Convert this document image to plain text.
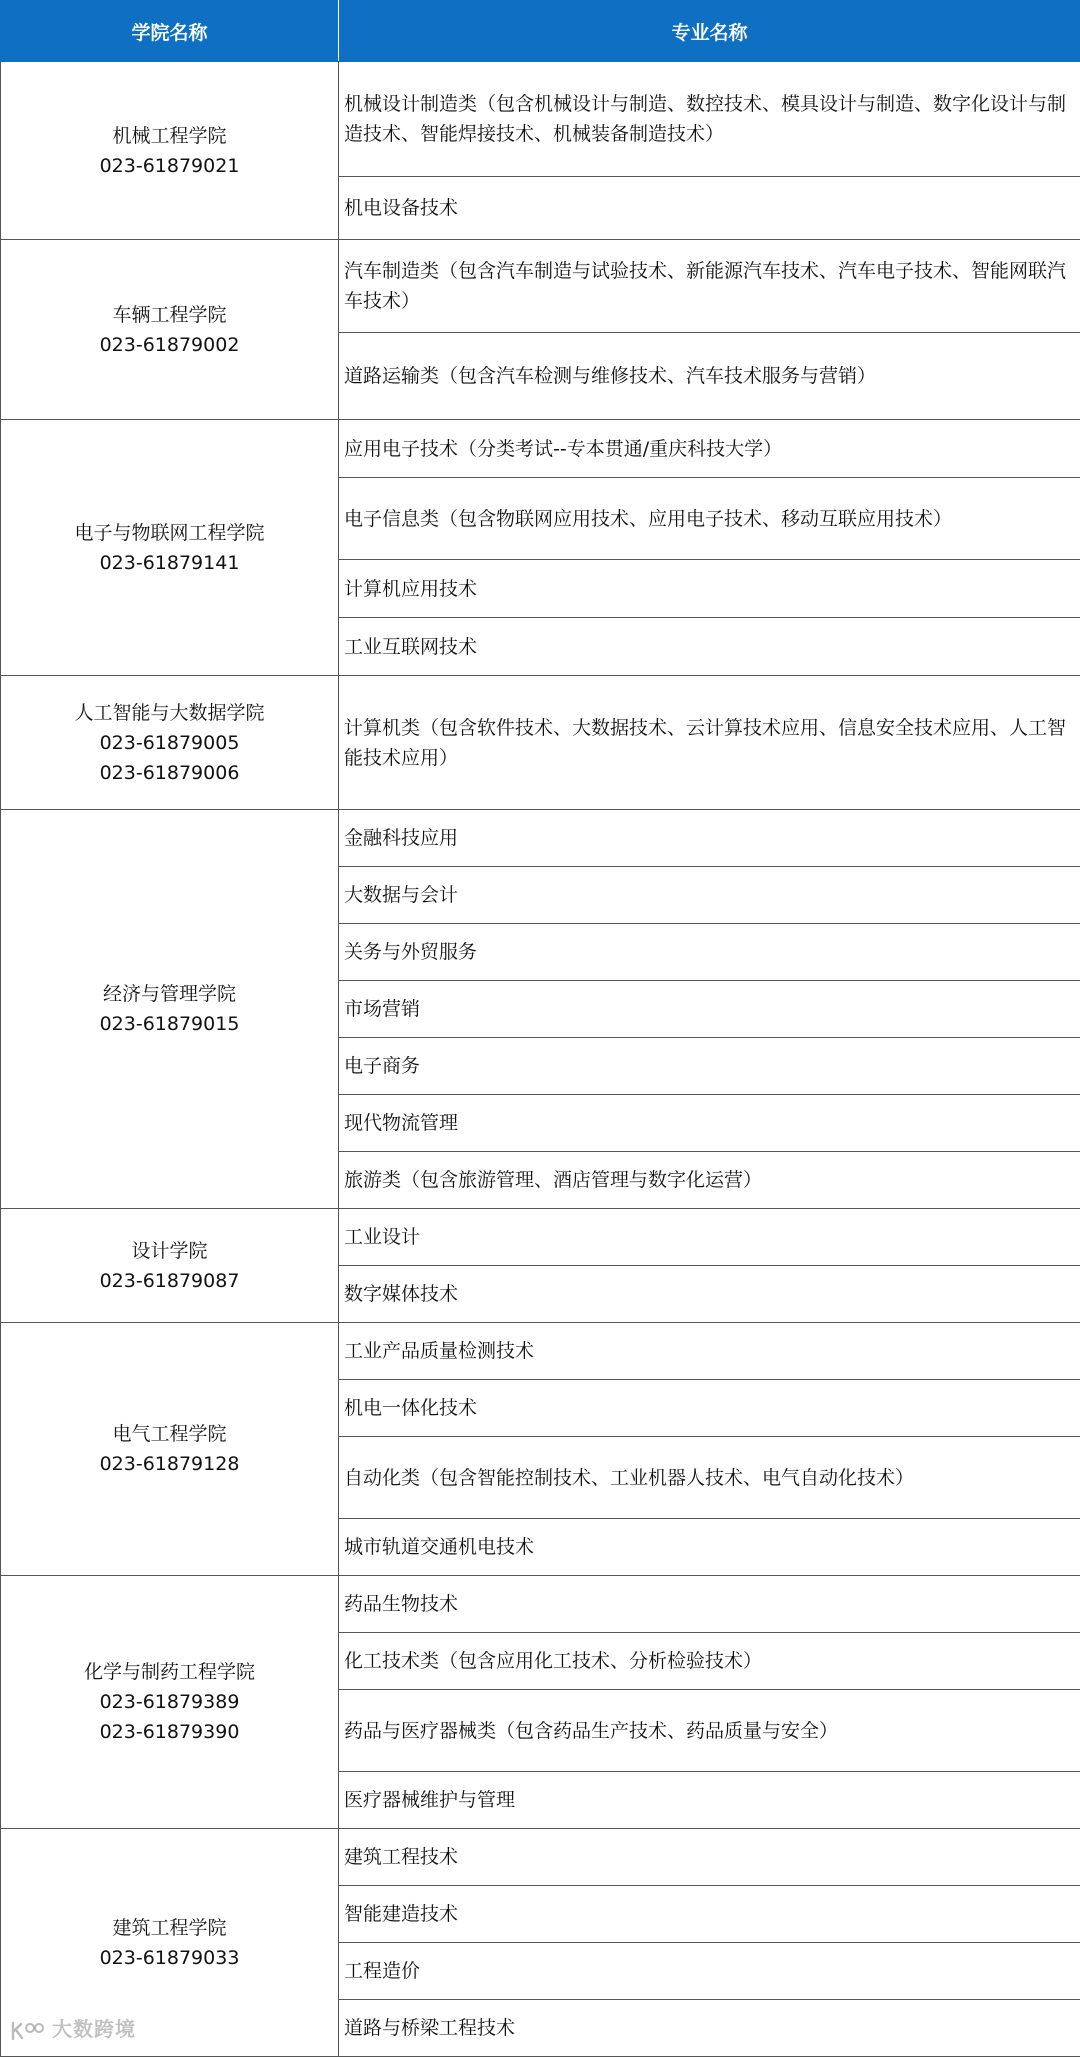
学院名称	专业名称

机械工程学院
023-61879021	机械设计制造类（包含机械设计与制造、数控技术、模具设计与制造、数字化设计与制造技术、智能焊接技术、机械装备制造技术）
	机电设备技术

车辆工程学院
023-61879002	汽车制造类（包含汽车制造与试验技术、新能源汽车技术、汽车电子技术、智能网联汽车技术）
	道路运输类（包含汽车检测与维修技术、汽车技术服务与营销）

电子与物联网工程学院
023-61879141	应用电子技术（分类考试--专本贯通/重庆科技大学）
	电子信息类（包含物联网应用技术、应用电子技术、移动互联应用技术）
	计算机应用技术
	工业互联网技术

人工智能与大数据学院
023-61879005
023-61879006	计算机类（包含软件技术、大数据技术、云计算技术应用、信息安全技术应用、人工智能技术应用）

经济与管理学院
023-61879015	金融科技应用
	大数据与会计
	关务与外贸服务
	市场营销
	电子商务
	现代物流管理
	旅游类（包含旅游管理、酒店管理与数字化运营）

设计学院
023-61879087	工业设计
	数字媒体技术

电气工程学院
023-61879128	工业产品质量检测技术
	机电一体化技术
	自动化类（包含智能控制技术、工业机器人技术、电气自动化技术）
	城市轨道交通机电技术

化学与制药工程学院
023-61879389
023-61879390	药品生物技术
	化工技术类（包含应用化工技术、分析检验技术）
	药品与医疗器械类（包含药品生产技术、药品质量与安全）
	医疗器械维护与管理

建筑工程学院
023-61879033	建筑工程技术
	智能建造技术
	工程造价
	道路与桥梁工程技术
大数跨境
